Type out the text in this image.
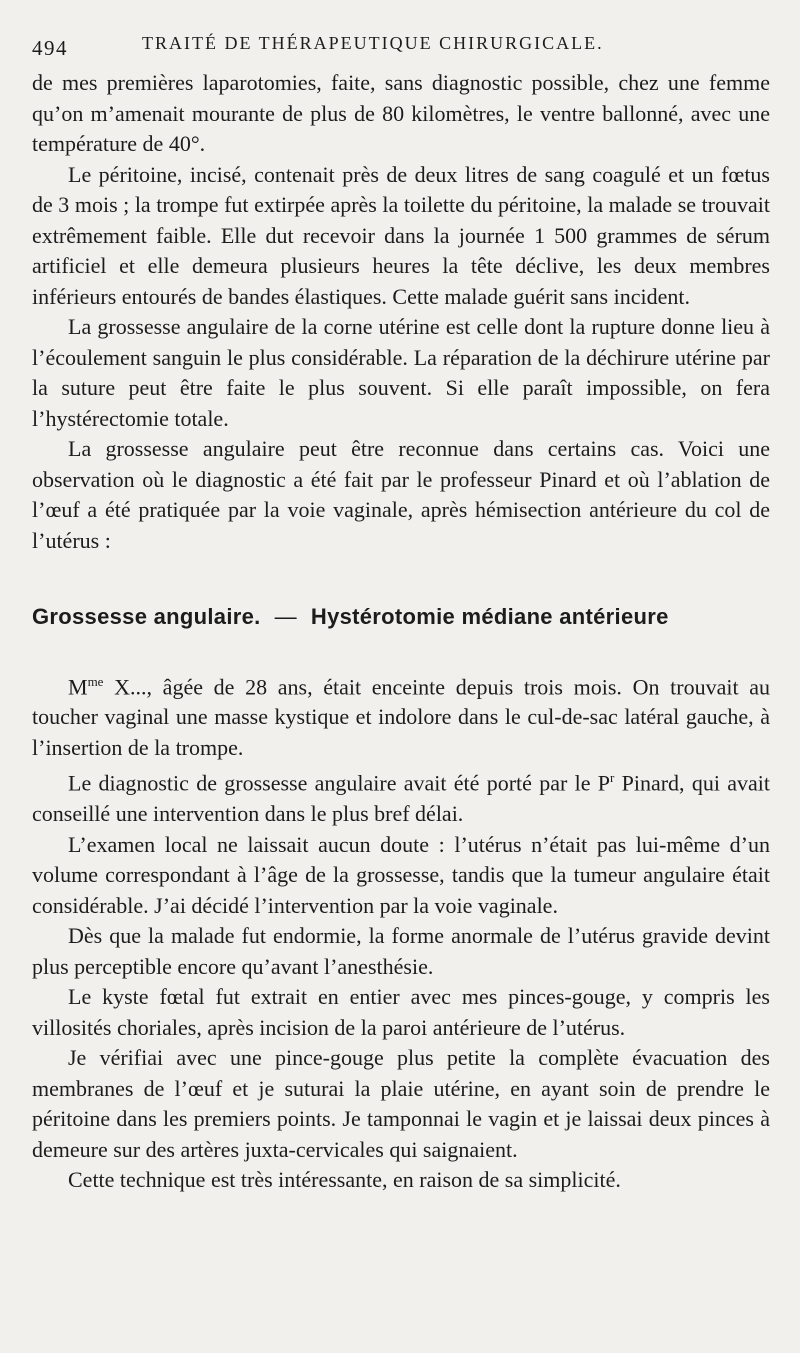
494	TRAITÉ DE THÉRAPEUTIQUE CHIRURGICALE.

de mes premières laparotomies, faite, sans diagnostic possible, chez une femme qu’on m’amenait mourante de plus de 80 kilomètres, le ventre ballonné, avec une température de 40°.

Le péritoine, incisé, contenait près de deux litres de sang coagulé et un fœtus de 3 mois ; la trompe fut extirpée après la toilette du péritoine, la malade se trouvait extrêmement faible. Elle dut recevoir dans la journée 1 500 grammes de sérum artificiel et elle demeura plusieurs heures la tête déclive, les deux membres inférieurs entourés de bandes élastiques. Cette malade guérit sans incident.

La grossesse angulaire de la corne utérine est celle dont la rupture donne lieu à l’écoulement sanguin le plus considérable. La réparation de la déchirure utérine par la suture peut être faite le plus souvent. Si elle paraît impossible, on fera l’hystérectomie totale.

La grossesse angulaire peut être reconnue dans certains cas. Voici une observation où le diagnostic a été fait par le professeur Pinard et où l’ablation de l’œuf a été pratiquée par la voie vaginale, après hémisection antérieure du col de l’utérus :

Grossesse angulaire. — Hystérotomie médiane antérieure

$M^{me}$ X..., âgée de 28 ans, était enceinte depuis trois mois. On trouvait au toucher vaginal une masse kystique et indolore dans le cul-de-sac latéral gauche, à l’insertion de la trompe.

Le diagnostic de grossesse angulaire avait été porté par le $P^r$ Pinard, qui avait conseillé une intervention dans le plus bref délai.

L’examen local ne laissait aucun doute : l’utérus n’était pas lui-même d’un volume correspondant à l’âge de la grossesse, tandis que la tumeur angulaire était considérable. J’ai décidé l’intervention par la voie vaginale.

Dès que la malade fut endormie, la forme anormale de l’utérus gravide devint plus perceptible encore qu’avant l’anesthésie.

Le kyste fœtal fut extrait en entier avec mes pinces-gouge, y compris les villosités choriales, après incision de la paroi antérieure de l’utérus.

Je vérifiai avec une pince-gouge plus petite la complète évacuation des membranes de l’œuf et je suturai la plaie utérine, en ayant soin de prendre le péritoine dans les premiers points. Je tamponnai le vagin et je laissai deux pinces à demeure sur des artères juxta-cervicales qui saignaient.

Cette technique est très intéressante, en raison de sa simplicité.
